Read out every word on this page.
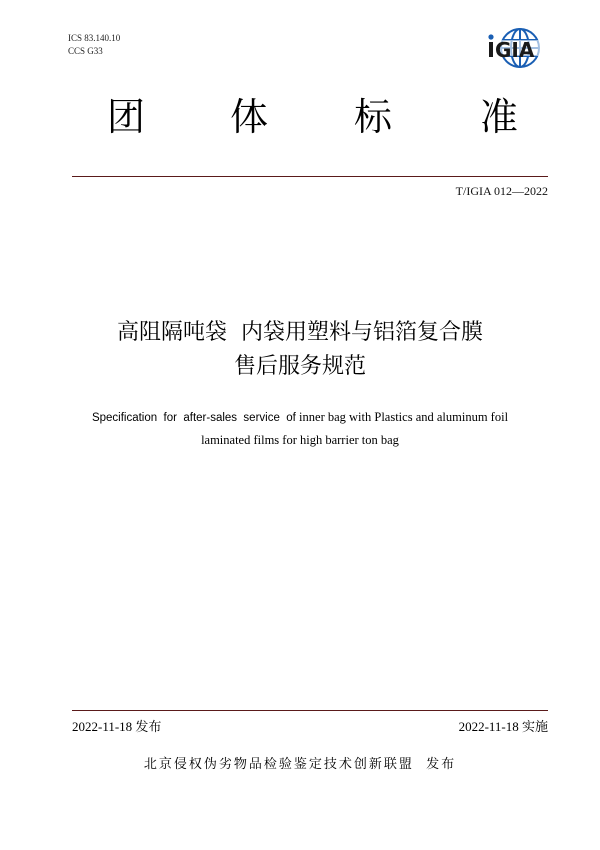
ICS 83.140.10
CCS G33	GIA
团 体 标 准
T/IGIA 012—2022
高阻隔吨袋  内袋用塑料与铝箔复合膜
售后服务规范
Specification  for  after-sales  service  of inner bag with Plastics and aluminum foil
laminated films for high barrier ton bag
2022-11-18 发布	2022-11-18 实施
北京侵权伪劣物品检验鉴定技术创新联盟  发布
